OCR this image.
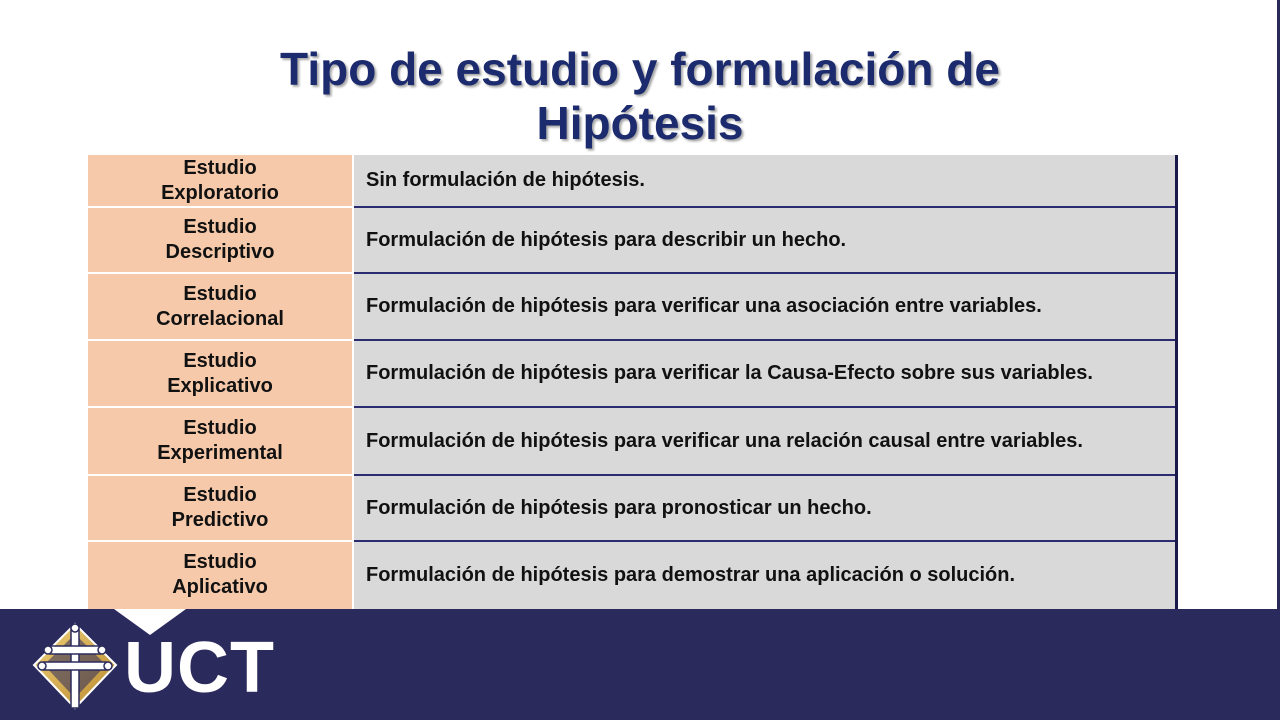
Tipo de estudio y formulación de
Hipótesis
Estudio
Exploratorio	Sin formulación de hipótesis.

Estudio
Descriptivo	Formulación de hipótesis para describir un hecho.

Estudio
Correlacional	Formulación de hipótesis para verificar una asociación entre variables.

Estudio
Explicativo	Formulación de hipótesis para verificar la Causa-Efecto sobre sus variables.

Estudio
Experimental	Formulación de hipótesis para verificar una relación causal entre variables.

Estudio
Predictivo	Formulación de hipótesis para pronosticar un hecho.

Estudio
Aplicativo	Formulación de hipótesis para demostrar una aplicación o solución.
UCT
